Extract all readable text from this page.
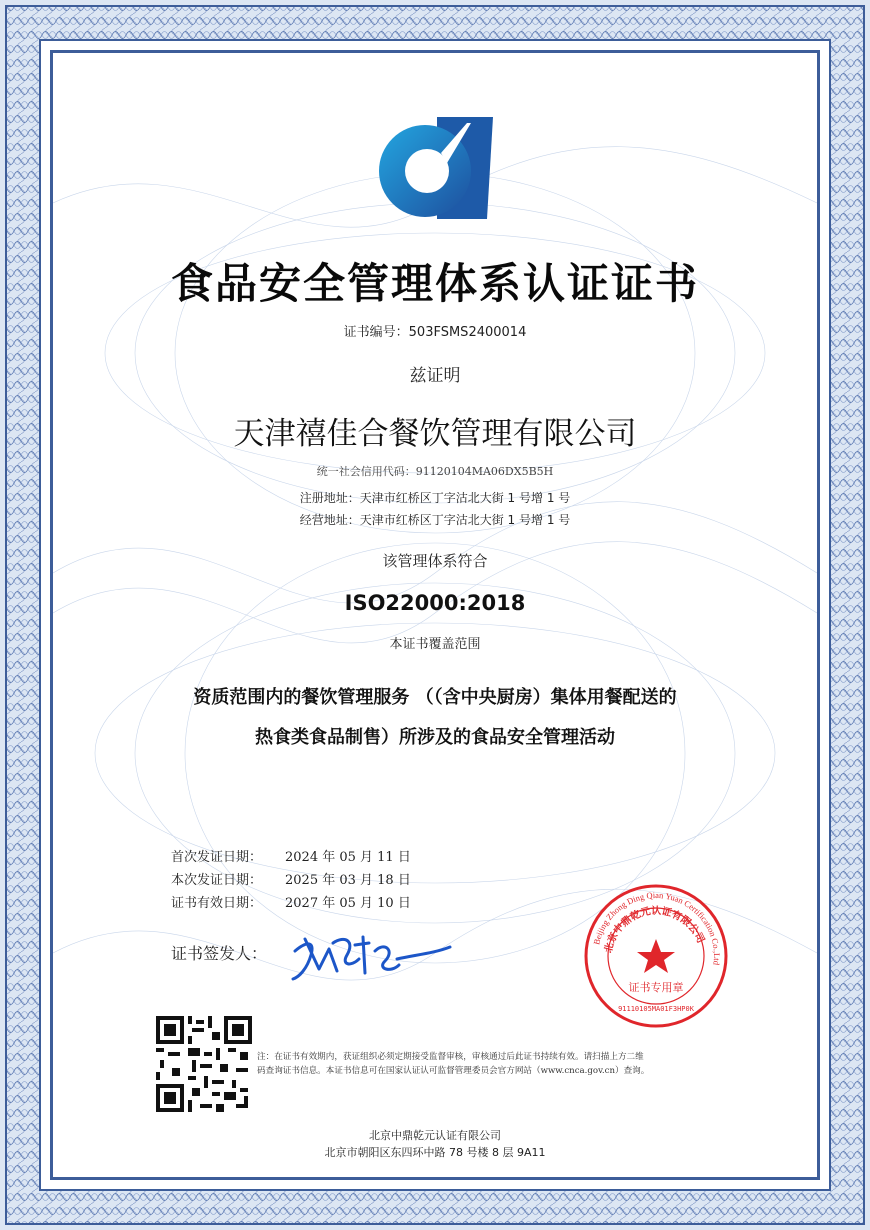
食品安全管理体系认证证书
证书编号：503FSMS2400014
兹证明
天津禧佳合餐饮管理有限公司
统一社会信用代码：91120104MA06DX5B5H
注册地址：天津市红桥区丁字沽北大街 1 号增 1 号
经营地址：天津市红桥区丁字沽北大街 1 号增 1 号
该管理体系符合
ISO22000:2018
本证书覆盖范围
资质范围内的餐饮管理服务 （（含中央厨房）集体用餐配送的
热食类食品制售）所涉及的食品安全管理活动
首次发证日期： 2024 年 05 月 11 日
本次发证日期： 2025 年 03 月 18 日
证书有效日期： 2027 年 05 月 10 日
证书签发人：
Beijing Zhong Ding Qian Yuan Certification Co.,Ltd
北京中鼎乾元认证有限公司
证书专用章
91110105MA01F3HP0K
注：在证书有效期内，获证组织必须定期接受监督审核，审核通过后此证书持续有效。请扫描上方二维
码查询证书信息。本证书信息可在国家认证认可监督管理委员会官方网站（www.cnca.gov.cn）查询。
北京中鼎乾元认证有限公司
北京市朝阳区东四环中路 78 号楼 8 层 9A11
